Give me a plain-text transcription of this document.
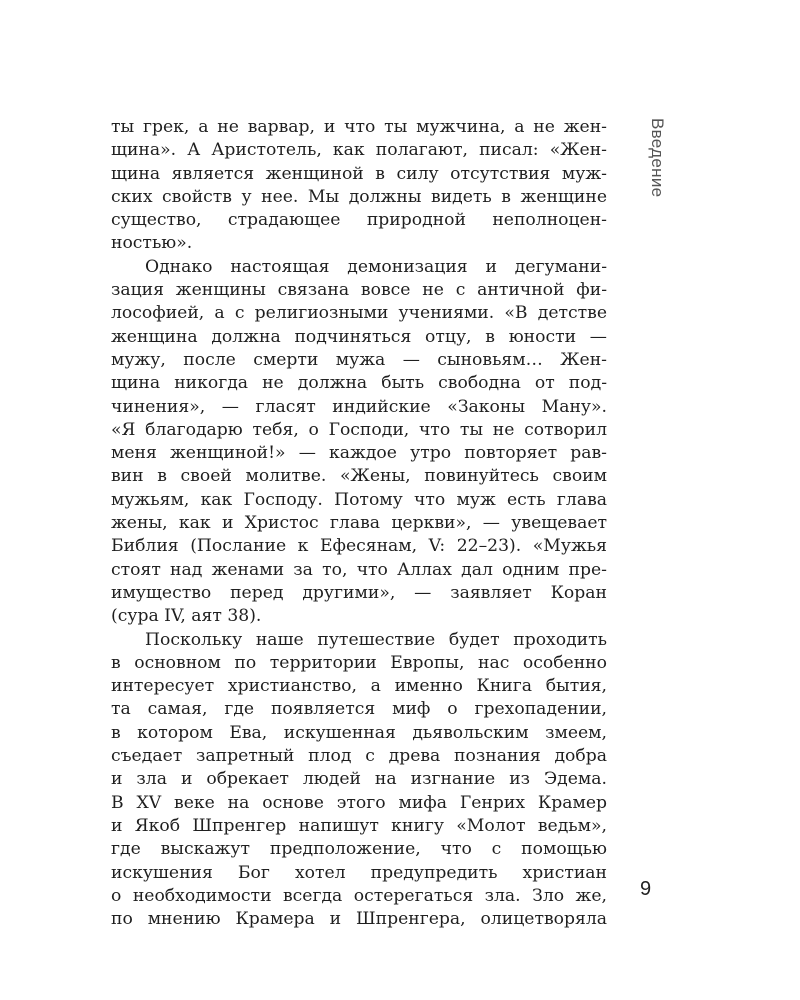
Введение
ты грек, а не варвар, и что ты мужчина, а не жен-
щина». А Аристотель, как полагают, писал: «Жен-
щина является женщиной в силу отсутствия муж-
ских свойств у нее. Мы должны видеть в женщине
существо, страдающее природной неполноцен-
ностью».
Однако настоящая демонизация и дегумани-
зация женщины связана вовсе не с античной фи-
лософией, а с религиозными учениями. «В детстве
женщина должна подчиняться отцу, в юности —
мужу, после смерти мужа — сыновьям… Жен-
щина никогда не должна быть свободна от под-
чинения», — гласят индийские «Законы Ману».
«Я благодарю тебя, о Господи, что ты не сотворил
меня женщиной!» — каждое утро повторяет рав-
вин в своей молитве. «Жены, повинуйтесь своим
мужьям, как Господу. Потому что муж есть глава
жены, как и Христос глава церкви», — увещевает
Библия (Послание к Ефесянам, V: 22–23). «Мужья
стоят над женами за то, что Аллах дал одним пре-
имущество перед другими», — заявляет Коран
(сура IV, аят 38).
Поскольку наше путешествие будет проходить
в основном по территории Европы, нас особенно
интересует христианство, а именно Книга бытия,
та самая, где появляется миф о грехопадении,
в котором Ева, искушенная дьявольским змеем,
съедает запретный плод с древа познания добра
и зла и обрекает людей на изгнание из Эдема.
В XV веке на основе этого мифа Генрих Крамер
и Якоб Шпренгер напишут книгу «Молот ведьм»,
где выскажут предположение, что с помощью
искушения Бог хотел предупредить христиан
о необходимости всегда остерегаться зла. Зло же,
по мнению Крамера и Шпренгера, олицетворяла
9
